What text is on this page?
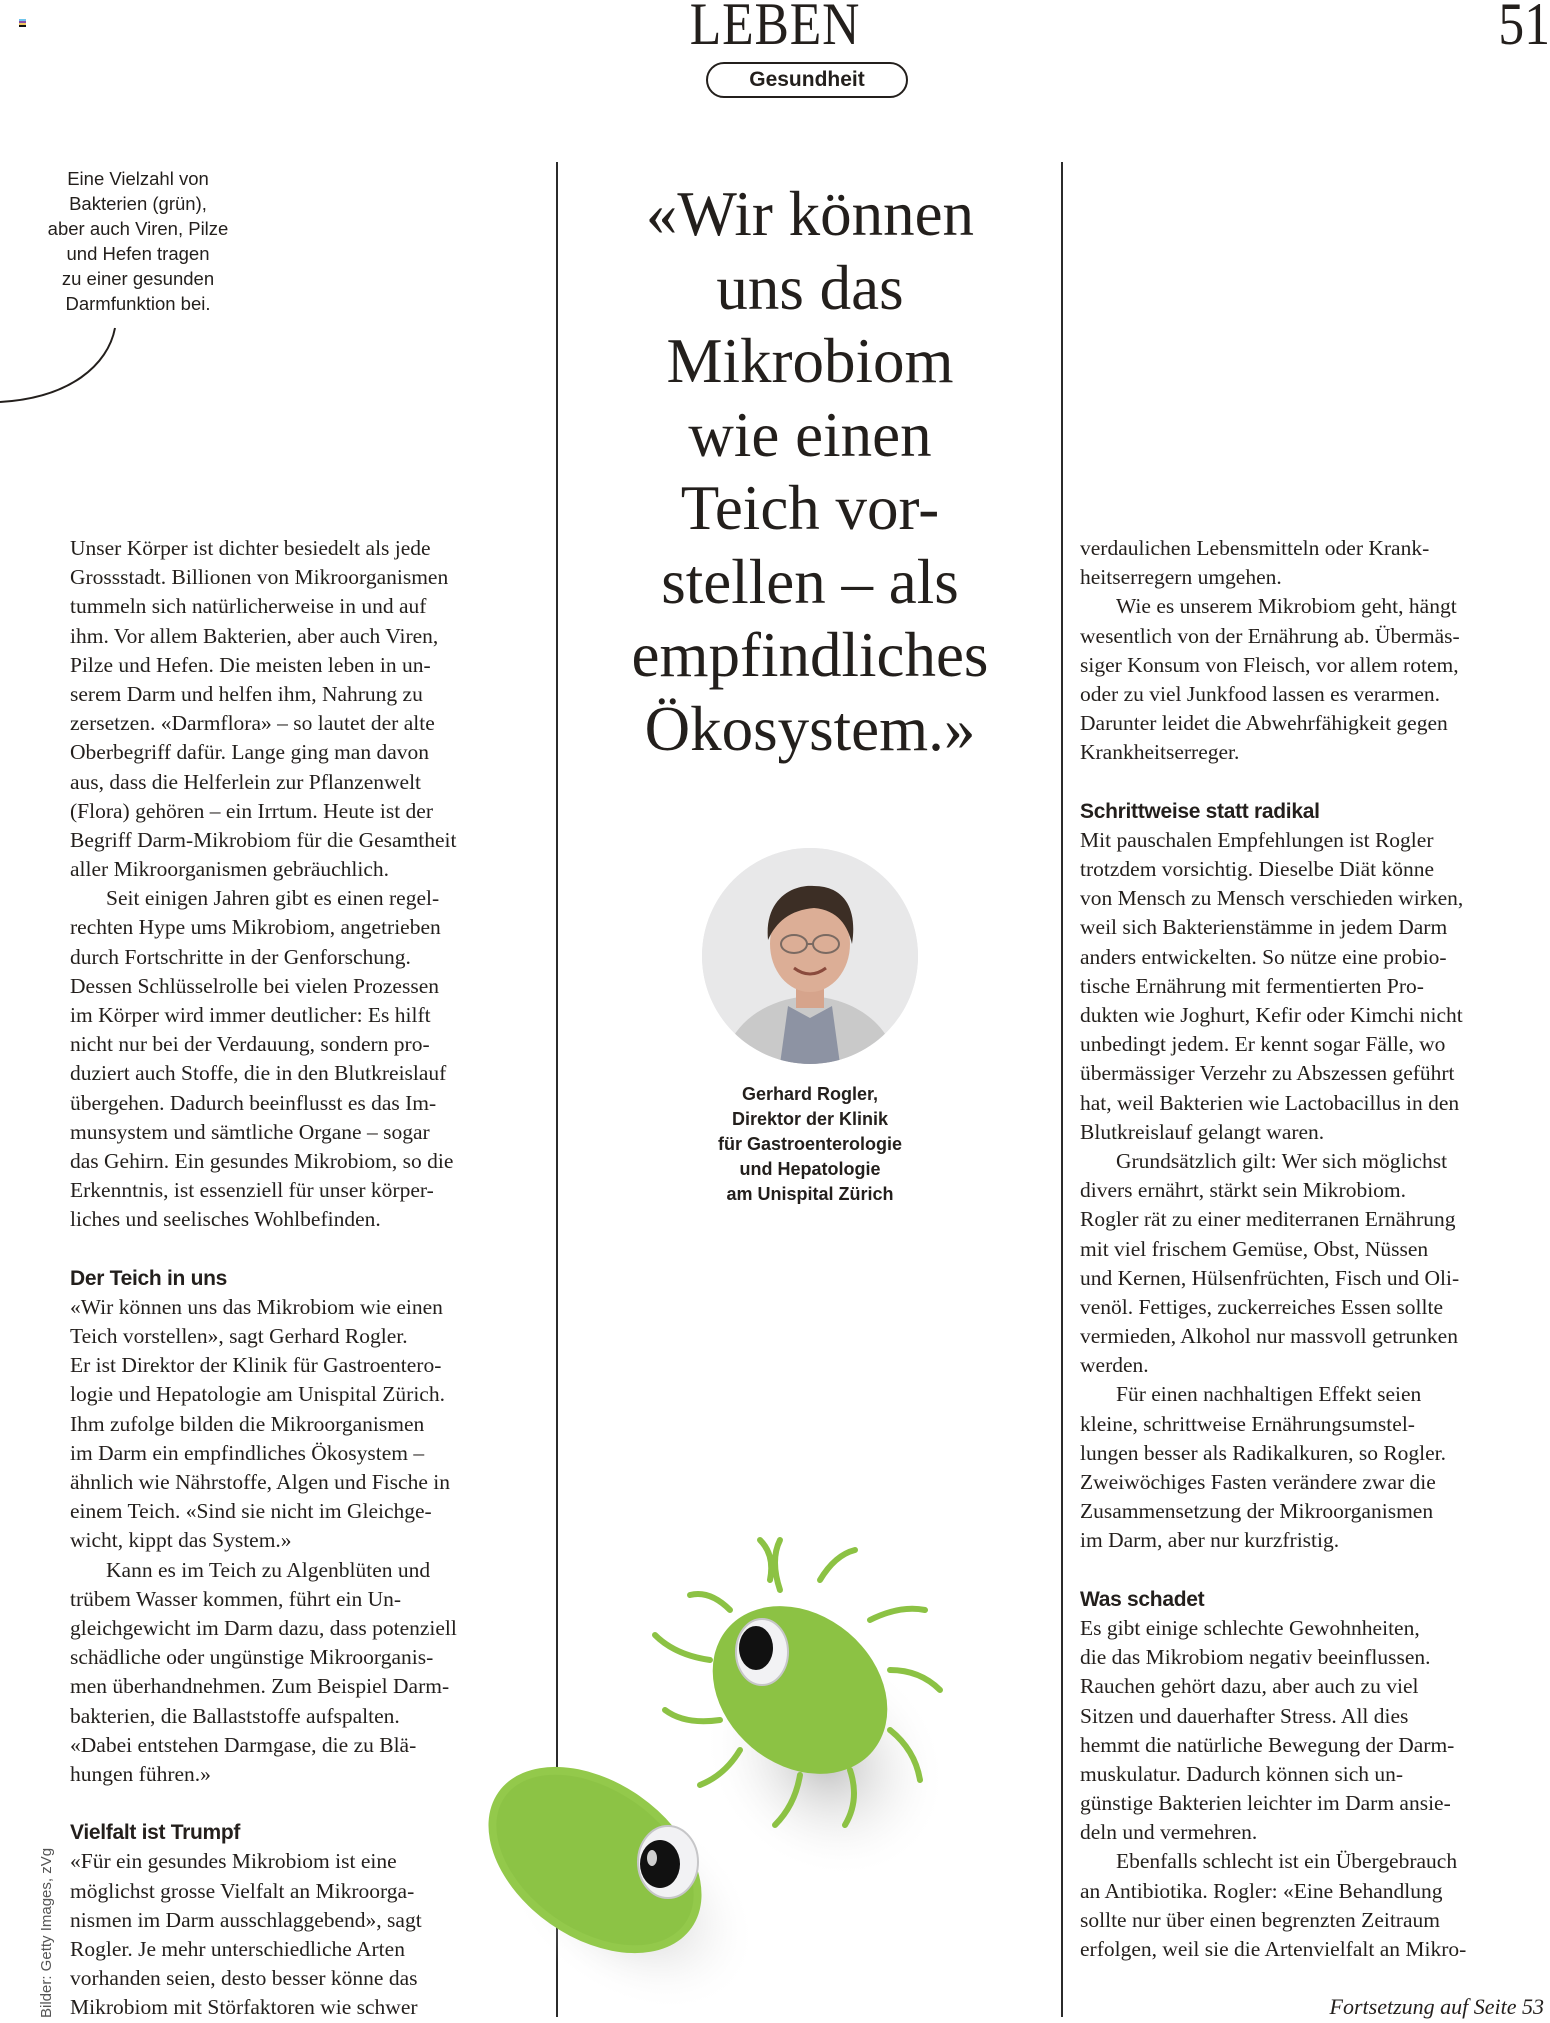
LEBEN	51
Gesundheit
Eine Vielzahl von
Bakterien (grün),
aber auch Viren, Pilze
und Hefen tragen
zu einer gesunden
Darmfunktion bei.
Unser Körper ist dichter besiedelt als jede
Grossstadt. Billionen von Mikroorganismen
tummeln sich natürlicherweise in und auf
ihm. Vor allem Bakterien, aber auch Viren,
Pilze und Hefen. Die meisten leben in un-
serem Darm und helfen ihm, Nahrung zu
zersetzen. «Darmflora» – so lautet der alte
Oberbegriff dafür. Lange ging man davon
aus, dass die Helferlein zur Pflanzenwelt
(Flora) gehören – ein Irrtum. Heute ist der
Begriff Darm-Mikrobiom für die Gesamtheit
aller Mikroorganismen gebräuchlich.
Seit einigen Jahren gibt es einen regel-
rechten Hype ums Mikrobiom, angetrieben
durch Fortschritte in der Genforschung.
Dessen Schlüsselrolle bei vielen Prozessen
im Körper wird immer deutlicher: Es hilft
nicht nur bei der Verdauung, sondern pro-
duziert auch Stoffe, die in den Blutkreislauf
übergehen. Dadurch beeinflusst es das Im-
munsystem und sämtliche Organe – sogar
das Gehirn. Ein gesundes Mikrobiom, so die
Erkenntnis, ist essenziell für unser körper-
liches und seelisches Wohlbefinden.
Der Teich in uns
«Wir können uns das Mikrobiom wie einen
Teich vorstellen», sagt Gerhard Rogler.
Er ist Direktor der Klinik für Gastroentero-
logie und Hepatologie am Unispital Zürich.
Ihm zufolge bilden die Mikroorganismen
im Darm ein empfindliches Ökosystem –
ähnlich wie Nährstoffe, Algen und Fische in
einem Teich. «Sind sie nicht im Gleichge-
wicht, kippt das System.»
Kann es im Teich zu Algenblüten und
trübem Wasser kommen, führt ein Un-
gleichgewicht im Darm dazu, dass potenziell
schädliche oder ungünstige Mikroorganis-
men überhandnehmen. Zum Beispiel Darm-
bakterien, die Ballaststoffe aufspalten.
«Dabei entstehen Darmgase, die zu Blä-
hungen führen.»
Vielfalt ist Trumpf
«Für ein gesundes Mikrobiom ist eine
möglichst grosse Vielfalt an Mikroorga-
nismen im Darm ausschlaggebend», sagt
Rogler. Je mehr unterschiedliche Arten
vorhanden seien, desto besser könne das
Mikrobiom mit Störfaktoren wie schwer
Bilder: Getty Images, zVg
«Wir können
uns das
Mikrobiom
wie einen
Teich vor-
stellen – als
empfindliches
Ökosystem.»
Gerhard Rogler,
Direktor der Klinik
für Gastroenterologie
und Hepatologie
am Unispital Zürich
verdaulichen Lebensmitteln oder Krank-
heitserregern umgehen.
Wie es unserem Mikrobiom geht, hängt
wesentlich von der Ernährung ab. Übermäs-
siger Konsum von Fleisch, vor allem rotem,
oder zu viel Junkfood lassen es verarmen.
Darunter leidet die Abwehrfähigkeit gegen
Krankheitserreger.
Schrittweise statt radikal
Mit pauschalen Empfehlungen ist Rogler
trotzdem vorsichtig. Dieselbe Diät könne
von Mensch zu Mensch verschieden wirken,
weil sich Bakterienstämme in jedem Darm
anders entwickelten. So nütze eine probio-
tische Ernährung mit fermentierten Pro-
dukten wie Joghurt, Kefir oder Kimchi nicht
unbedingt jedem. Er kennt sogar Fälle, wo
übermässiger Verzehr zu Abszessen geführt
hat, weil Bakterien wie Lactobacillus in den
Blutkreislauf gelangt waren.
Grundsätzlich gilt: Wer sich möglichst
divers ernährt, stärkt sein Mikrobiom.
Rogler rät zu einer mediterranen Ernährung
mit viel frischem Gemüse, Obst, Nüssen
und Kernen, Hülsenfrüchten, Fisch und Oli-
venöl. Fettiges, zuckerreiches Essen sollte
vermieden, Alkohol nur massvoll getrunken
werden.
Für einen nachhaltigen Effekt seien
kleine, schrittweise Ernährungsumstel-
lungen besser als Radikalkuren, so Rogler.
Zweiwöchiges Fasten verändere zwar die
Zusammensetzung der Mikroorganismen
im Darm, aber nur kurzfristig.
Was schadet
Es gibt einige schlechte Gewohnheiten,
die das Mikrobiom negativ beeinflussen.
Rauchen gehört dazu, aber auch zu viel
Sitzen und dauerhafter Stress. All dies
hemmt die natürliche Bewegung der Darm-
muskulatur. Dadurch können sich un-
günstige Bakterien leichter im Darm ansie-
deln und vermehren.
Ebenfalls schlecht ist ein Übergebrauch
an Antibiotika. Rogler: «Eine Behandlung
sollte nur über einen begrenzten Zeitraum
erfolgen, weil sie die Artenvielfalt an Mikro-
Fortsetzung auf Seite 53
